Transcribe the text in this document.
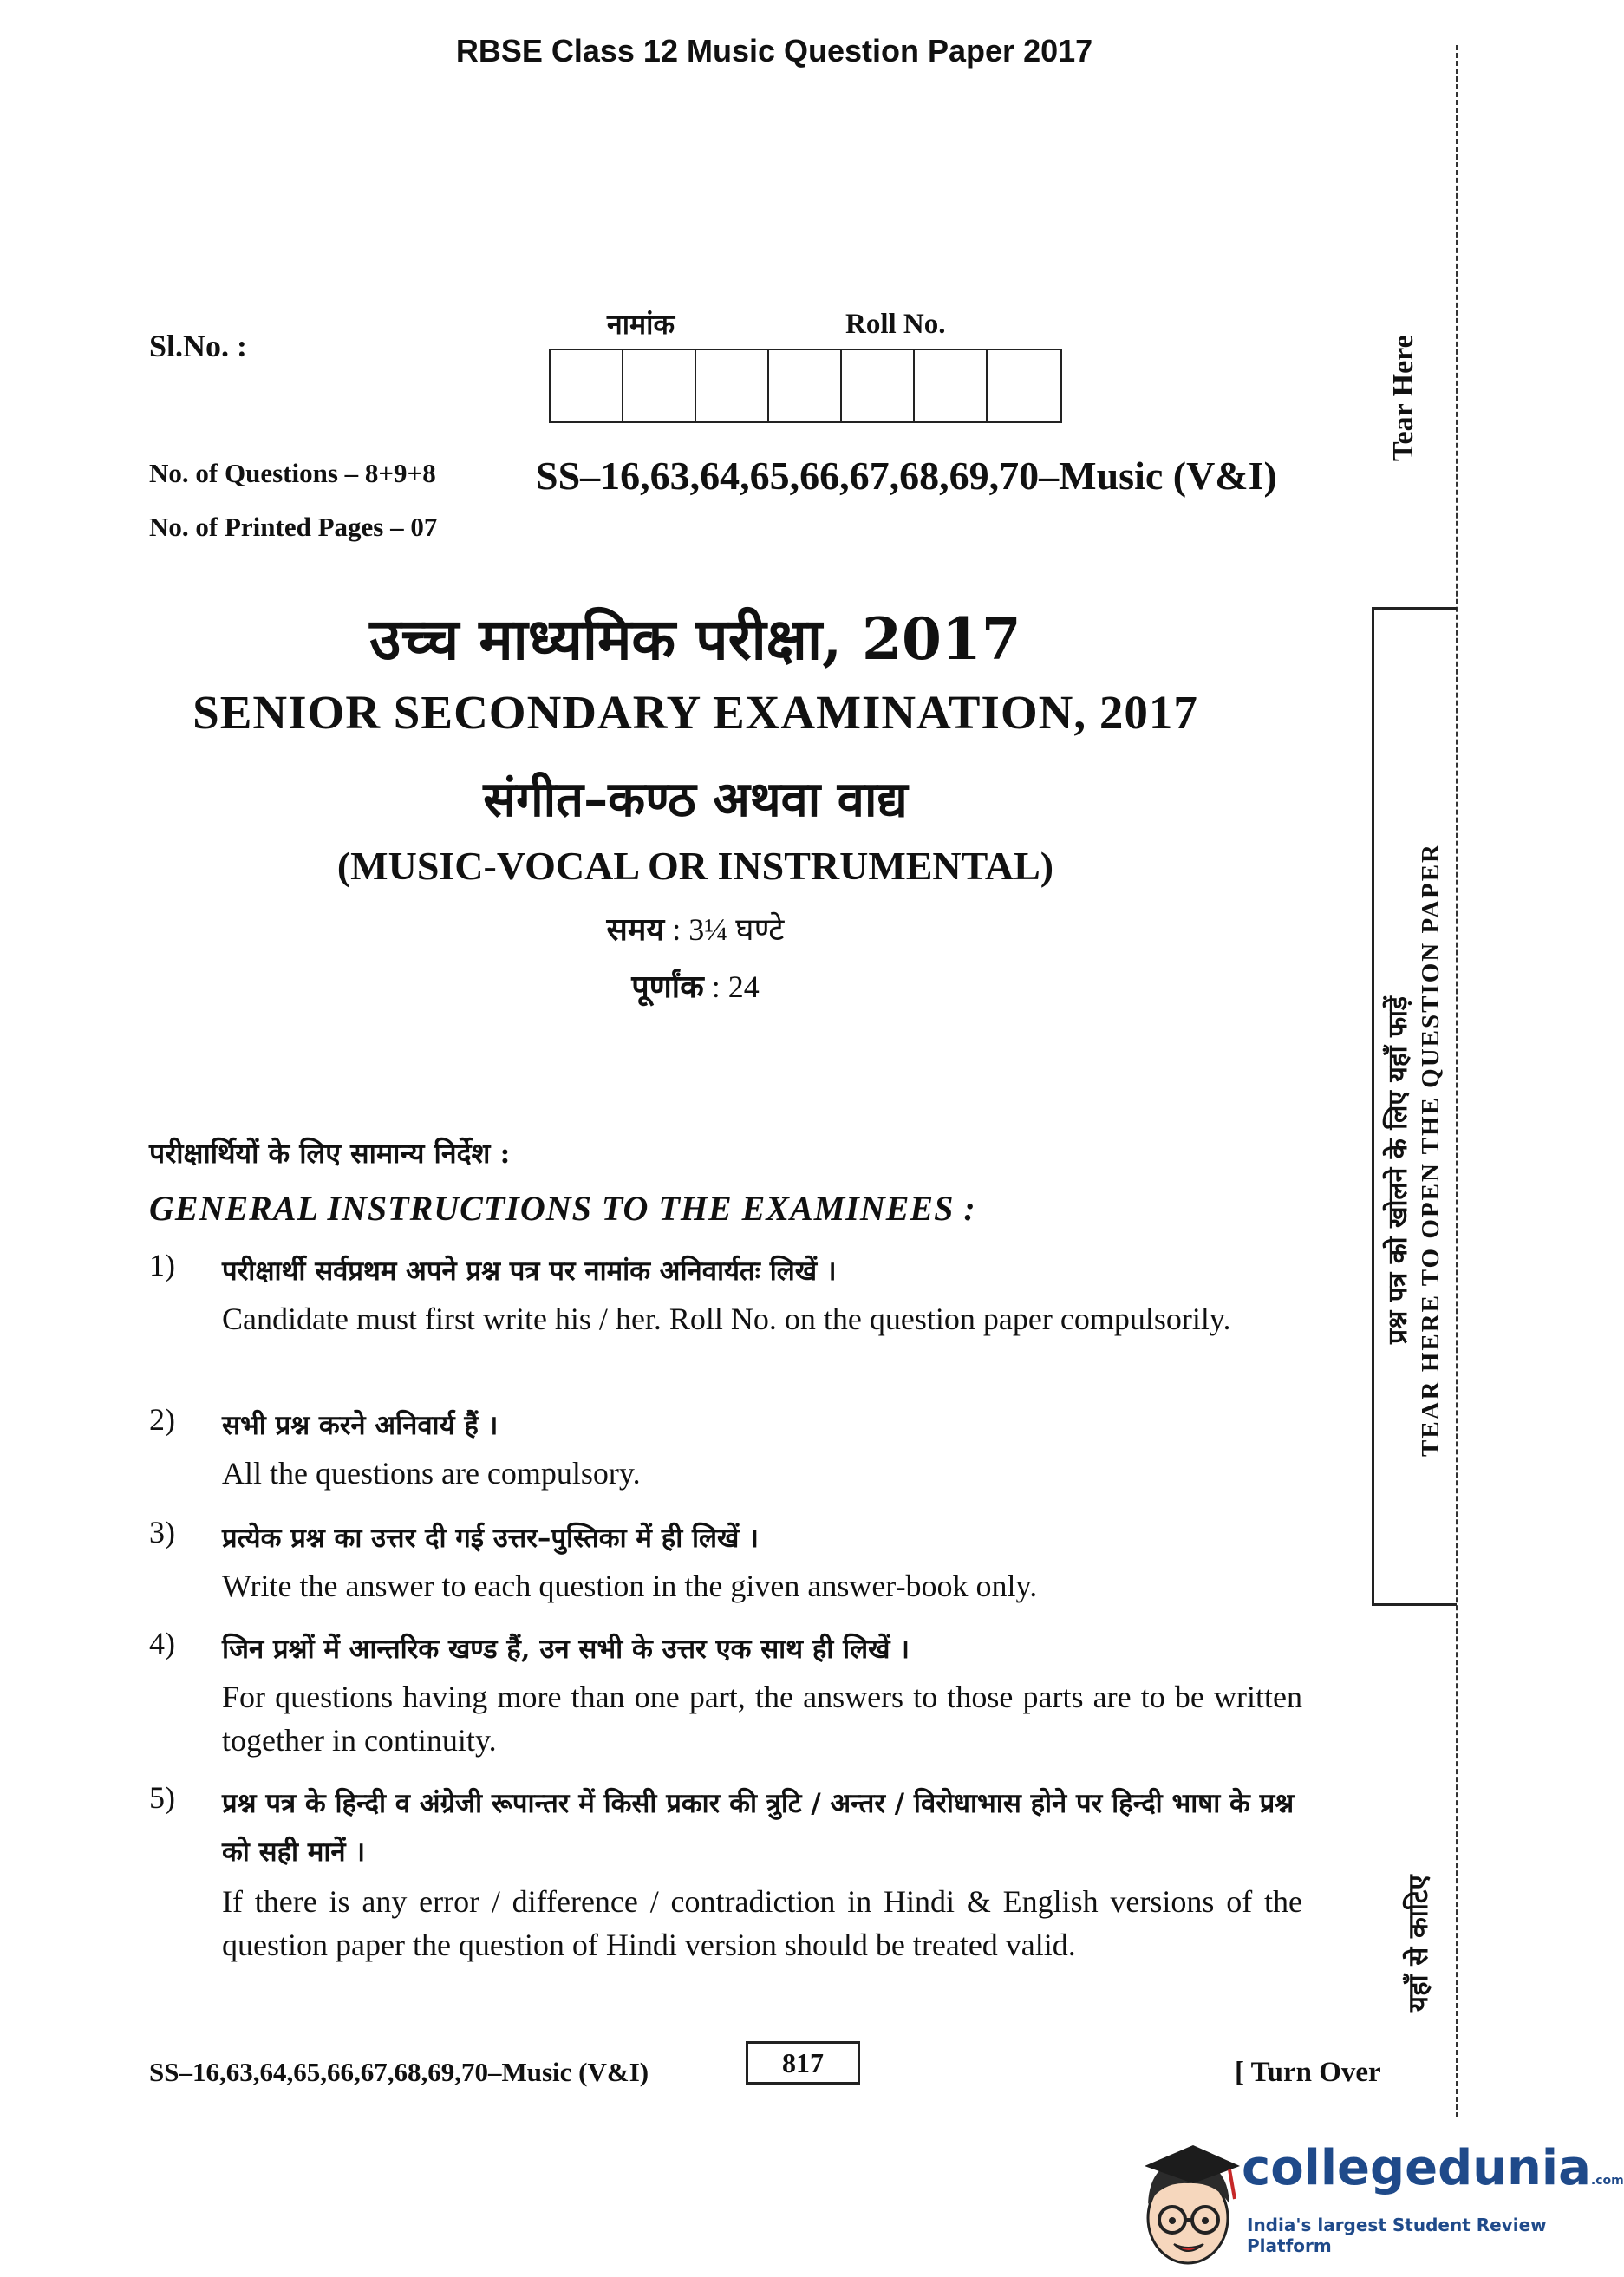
RBSE Class 12 Music Question Paper 2017
Sl.No. :
नामांक	Roll No.
No. of Questions – 8+9+8
No. of Printed Pages – 07
SS–16,63,64,65,66,67,68,69,70–Music (V&I)
उच्च माध्यमिक परीक्षा, 2017
SENIOR SECONDARY EXAMINATION, 2017
संगीत–कण्ठ अथवा वाद्य
(MUSIC-VOCAL OR INSTRUMENTAL)
समय : 3¼ घण्टे
पूर्णांक : 24
परीक्षार्थियों के लिए सामान्य निर्देश :
GENERAL INSTRUCTIONS TO THE EXAMINEES :
1) परीक्षार्थी सर्वप्रथम अपने प्रश्न पत्र पर नामांक अनिवार्यतः लिखें ।
Candidate must first write his / her. Roll No. on the question paper compulsorily.
2) सभी प्रश्न करने अनिवार्य हैं ।
All the questions are compulsory.
3) प्रत्येक प्रश्न का उत्तर दी गई उत्तर–पुस्तिका में ही लिखें ।
Write the answer to each question in the given answer-book only.
4) जिन प्रश्नों में आन्तरिक खण्ड हैं, उन सभी के उत्तर एक साथ ही लिखें ।
For questions having more than one part, the answers to those parts are to be written together in continuity.
5) प्रश्न पत्र के हिन्दी व अंग्रेजी रूपान्तर में किसी प्रकार की त्रुटि / अन्तर / विरोधाभास होने पर हिन्दी भाषा के प्रश्न को सही मानें ।
If there is any error / difference / contradiction in Hindi & English versions of the question paper the question of Hindi version should be treated valid.
SS–16,63,64,65,66,67,68,69,70–Music (V&I)	817	[ Turn Over
Tear Here
प्रश्न पत्र को खोलने के लिए यहाँ फाड़ें TEAR HERE TO OPEN THE QUESTION PAPER
यहाँ से काटिए
collegedunia.com
India's largest Student Review Platform
